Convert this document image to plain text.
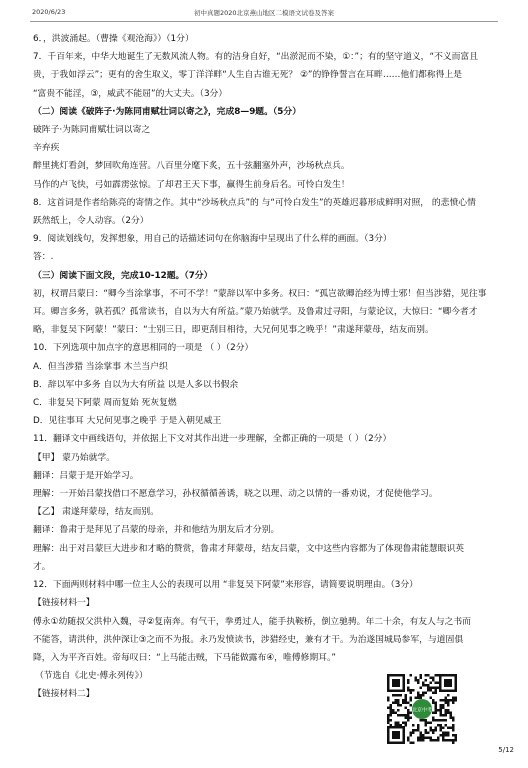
2020/6/23	初中真题2020北京燕山地区二模语文试卷及答案
6．，洪波涌起。（曹操《观沧海》）（1分）
7．千百年来，中华大地诞生了无数风流人物。有的洁身自好，“出淤泥而不染，①：”；有的坚守道义，“不义而富且
贵，于我如浮云”；更有的舍生取义，零丁洋洋畔“人生自古谁无死？ ②”的铮铮誓言在耳畔……他们都称得上是
“富贵不能淫，③，威武不能屈”的大丈夫。（3分）
（二）阅读《破阵子·为陈同甫赋壮词以寄之》，完成8—9题。（5分）
破阵子·为陈同甫赋壮词以寄之
辛弃疾
醉里挑灯看剑，梦回吹角连营。八百里分麾下炙，五十弦翻塞外声，沙场秋点兵。
马作的卢飞快，弓如霹雳弦惊。了却君王天下事，赢得生前身后名。可怜白发生！
8．这首词是作者给陈亮的寄情之作。其中“沙场秋点兵”的 与“可怜白发生”的英雄迟暮形成鲜明对照， 的悲愤心情
跃然纸上，令人动容。（2分）
9．阅读划线句，发挥想象，用自己的话描述词句在你脑海中呈现出了什么样的画面。（3分）
答：.
（三）阅读下面文段，完成10-12题。（7分）
初，权谓吕蒙曰：“卿今当涂掌事，不可不学！”蒙辞以军中多务。权曰：“孤岂欲卿治经为博士邪！但当涉猎，见往事
耳。卿言多务，孰若孤？孤常读书，自以为大有所益。”蒙乃始就学。及鲁肃过寻阳，与蒙论议，大惊曰：“卿今者才
略，非复吴下阿蒙！”蒙曰：“士别三日，即更刮目相待，大兄何见事之晚乎！”肃遂拜蒙母，结友而别。
10．下列选项中加点字的意思相同的一项是 （ ）（2分）
A．但当涉猎 当涂掌事 木兰当户织
B．辞以军中多务 自以为大有所益 以是人多以书假余
C．非复吴下阿蒙 周而复始 死灰复燃
D．见往事耳 大兄何见事之晚乎 于是入朝见威王
11．翻译文中画线语句，并依据上下文对其作出进一步理解，全都正确的一项是（ ）（2分）
【甲】 蒙乃始就学。
翻译：吕蒙于是开始学习。
理解：一开始吕蒙找借口不愿意学习，孙权循循善诱，晓之以理、动之以情的一番劝说，才促使他学习。
【乙】 肃遂拜蒙母，结友而别。
翻译：鲁肃于是拜见了吕蒙的母亲，并和他结为朋友后才分别。
理解：出于对吕蒙巨大进步和才略的赞赏，鲁肃才拜蒙母，结友吕蒙，文中这些内容都为了体现鲁肃能慧眼识英
才。
12．下面两则材料中哪一位主人公的表现可以用 “非复吴下阿蒙”来形容，请简要说明理由。（3分）
【链接材料一】
傅永①幼随叔父洪仲入魏，寻②复南奔。有气干，拳勇过人，能手执鞍桥，倒立驰骋。年二十余，有友人与之书而
不能答，请洪仲，洪仲深让③之而不为报。永乃发愤读书，涉猎经史，兼有才干。为治遂国城局参军，与道固俱
降，入为平齐百姓。帝每叹曰：“上马能击贼，下马能做露布④，唯傅修期耳。”
（节选自《北史·傅永列传》）
【链接材料二】
北京中考
5/12
